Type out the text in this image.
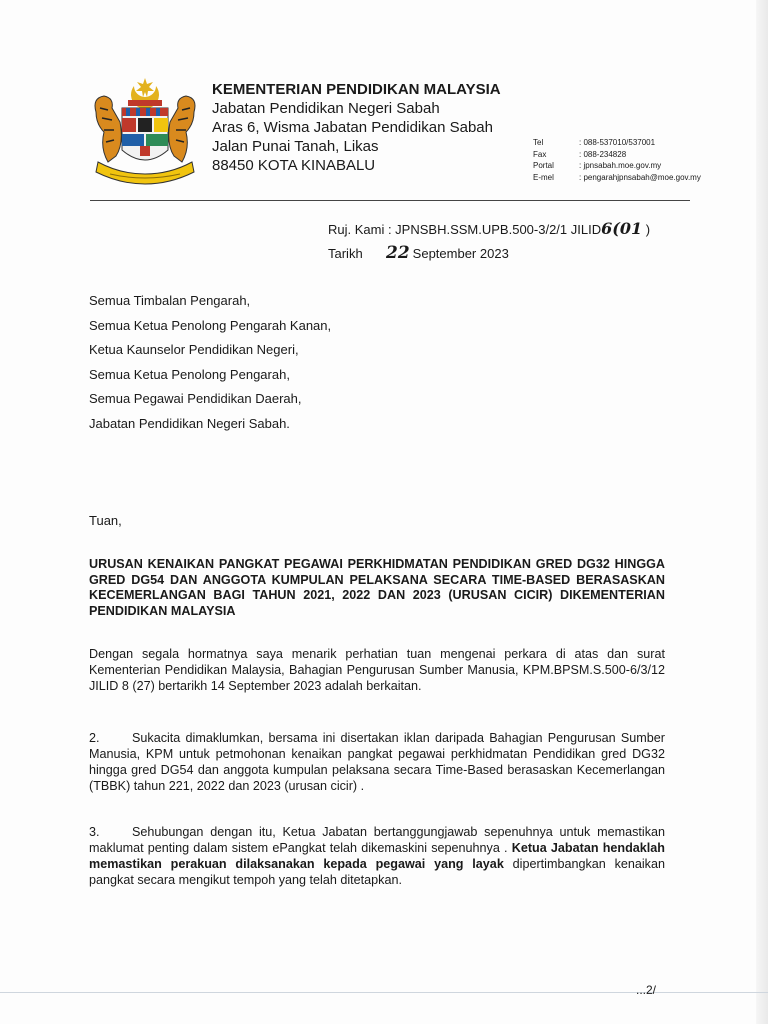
KEMENTERIAN PENDIDIKAN MALAYSIA
Jabatan Pendidikan Negeri Sabah
Aras 6, Wisma Jabatan Pendidikan Sabah
Jalan Punai Tanah, Likas
88450 KOTA KINABALU
Tel	: 088-537010/537001
Fax	: 088-234828
Portal	: jpnsabah.moe.gov.my
E-mel	: pengarahjpnsabah@moe.gov.my
Ruj. Kami : JPNSBH.SSM.UPB.500-3/2/1 JILID6(01 )
Tarikh 22 September 2023
Semua Timbalan Pengarah,
Semua Ketua Penolong Pengarah Kanan,
Ketua Kaunselor Pendidikan Negeri,
Semua Ketua Penolong Pengarah,
Semua Pegawai Pendidikan Daerah,
Jabatan Pendidikan Negeri Sabah.
Tuan,
URUSAN KENAIKAN PANGKAT PEGAWAI PERKHIDMATAN PENDIDIKAN GRED DG32 HINGGA GRED DG54 DAN ANGGOTA KUMPULAN PELAKSANA SECARA TIME-BASED BERASASKAN KECEMERLANGAN BAGI TAHUN 2021, 2022 DAN 2023 (URUSAN CICIR) DIKEMENTERIAN PENDIDIKAN MALAYSIA
Dengan segala hormatnya saya menarik perhatian tuan mengenai perkara di atas dan surat Kementerian Pendidikan Malaysia, Bahagian Pengurusan Sumber Manusia, KPM.BPSM.S.500-6/3/12 JILID 8 (27) bertarikh 14 September 2023 adalah berkaitan.
2.	Sukacita dimaklumkan, bersama ini disertakan iklan daripada Bahagian Pengurusan Sumber Manusia, KPM untuk petmohonan kenaikan pangkat pegawai perkhidmatan Pendidikan gred DG32 hingga gred DG54 dan anggota kumpulan pelaksana secara Time-Based berasaskan Kecemerlangan (TBBK) tahun 221, 2022 dan 2023 (urusan cicir) .
3.	Sehubungan dengan itu, Ketua Jabatan bertanggungjawab sepenuhnya untuk memastikan maklumat penting dalam sistem ePangkat telah dikemaskini sepenuhnya . Ketua Jabatan hendaklah memastikan perakuan dilaksanakan kepada pegawai yang layak dipertimbangkan kenaikan pangkat secara mengikut tempoh yang telah ditetapkan.
...2/
